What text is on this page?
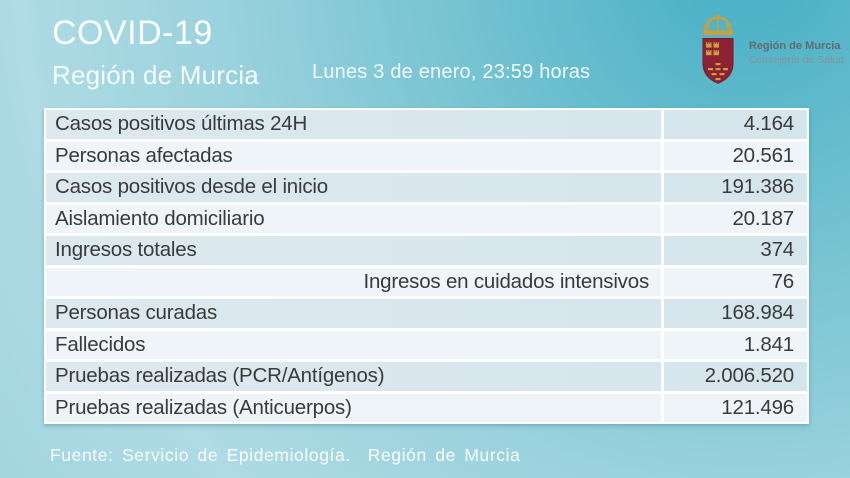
COVID-19
Región de Murcia	Lunes 3 de enero, 23:59 horas
Región de Murcia
Consejería de Salud
Casos positivos últimas 24H	4.164
Personas afectadas	20.561
Casos positivos desde el inicio	191.386
Aislamiento domiciliario	20.187
Ingresos totales	374
Ingresos en cuidados intensivos	76
Personas curadas	168.984
Fallecidos	1.841
Pruebas realizadas (PCR/Antígenos)	2.006.520
Pruebas realizadas (Anticuerpos)	121.496
Fuente: Servicio de Epidemiología.  Región de Murcia
